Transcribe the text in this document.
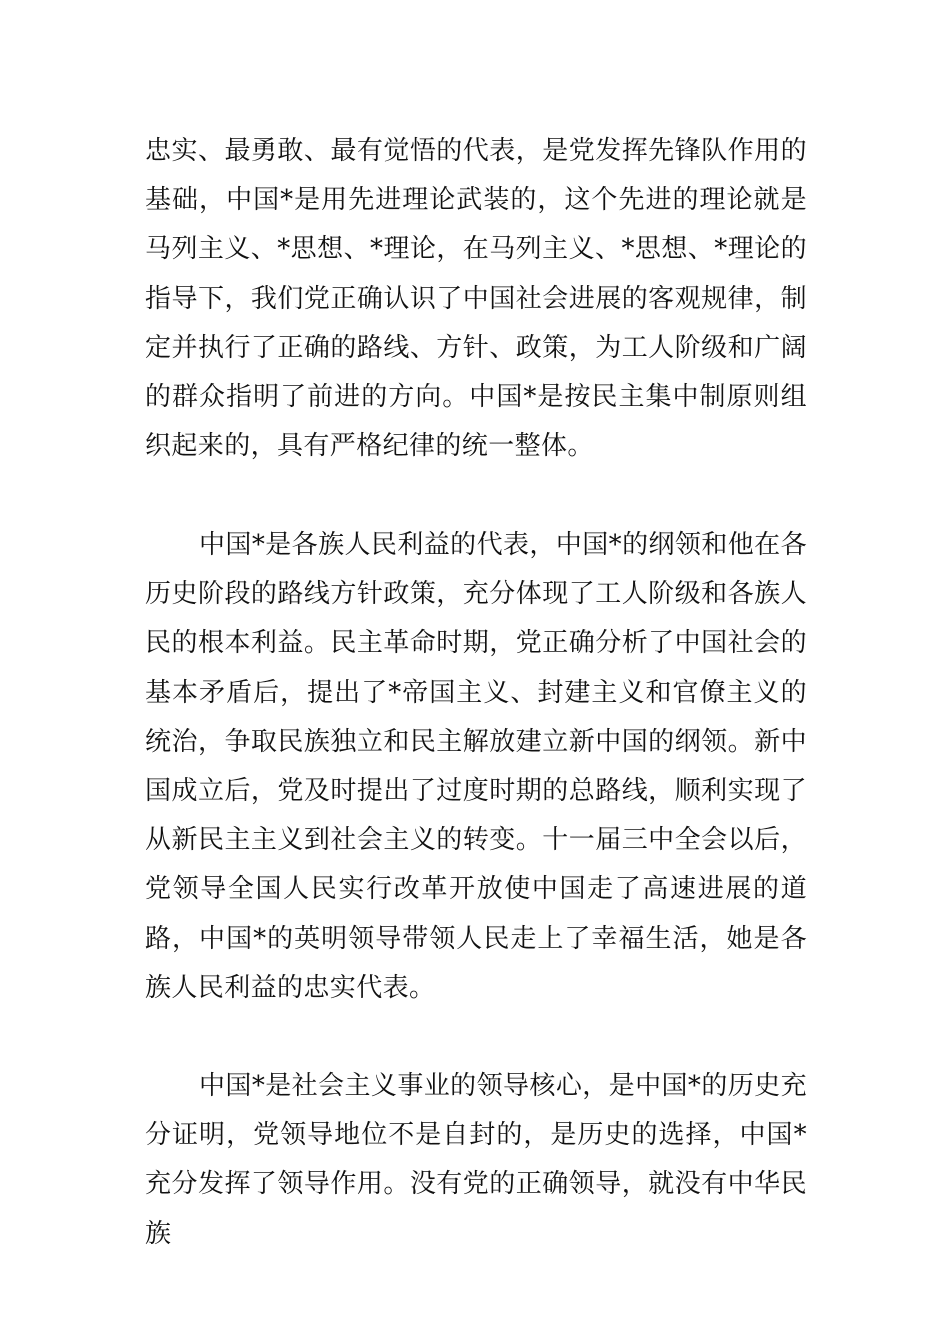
忠实、最勇敢、最有觉悟的代表，是党发挥先锋队作用的基础，中国*是用先进理论武装的，这个先进的理论就是马列主义、*思想、*理论，在马列主义、*思想、*理论的指导下，我们党正确认识了中国社会进展的客观规律，制定并执行了正确的路线、方针、政策，为工人阶级和广阔的群众指明了前进的方向。中国*是按民主集中制原则组织起来的，具有严格纪律的统一整体。

中国*是各族人民利益的代表，中国*的纲领和他在各历史阶段的路线方针政策，充分体现了工人阶级和各族人民的根本利益。民主革命时期，党正确分析了中国社会的基本矛盾后，提出了*帝国主义、封建主义和官僚主义的统治，争取民族独立和民主解放建立新中国的纲领。新中国成立后，党及时提出了过度时期的总路线，顺利实现了从新民主主义到社会主义的转变。十一届三中全会以后，党领导全国人民实行改革开放使中国走了高速进展的道路，中国*的英明领导带领人民走上了幸福生活，她是各族人民利益的忠实代表。

中国*是社会主义事业的领导核心，是中国*的历史充分证明，党领导地位不是自封的，是历史的选择，中国*充分发挥了领导作用。没有党的正确领导，就没有中华民族
